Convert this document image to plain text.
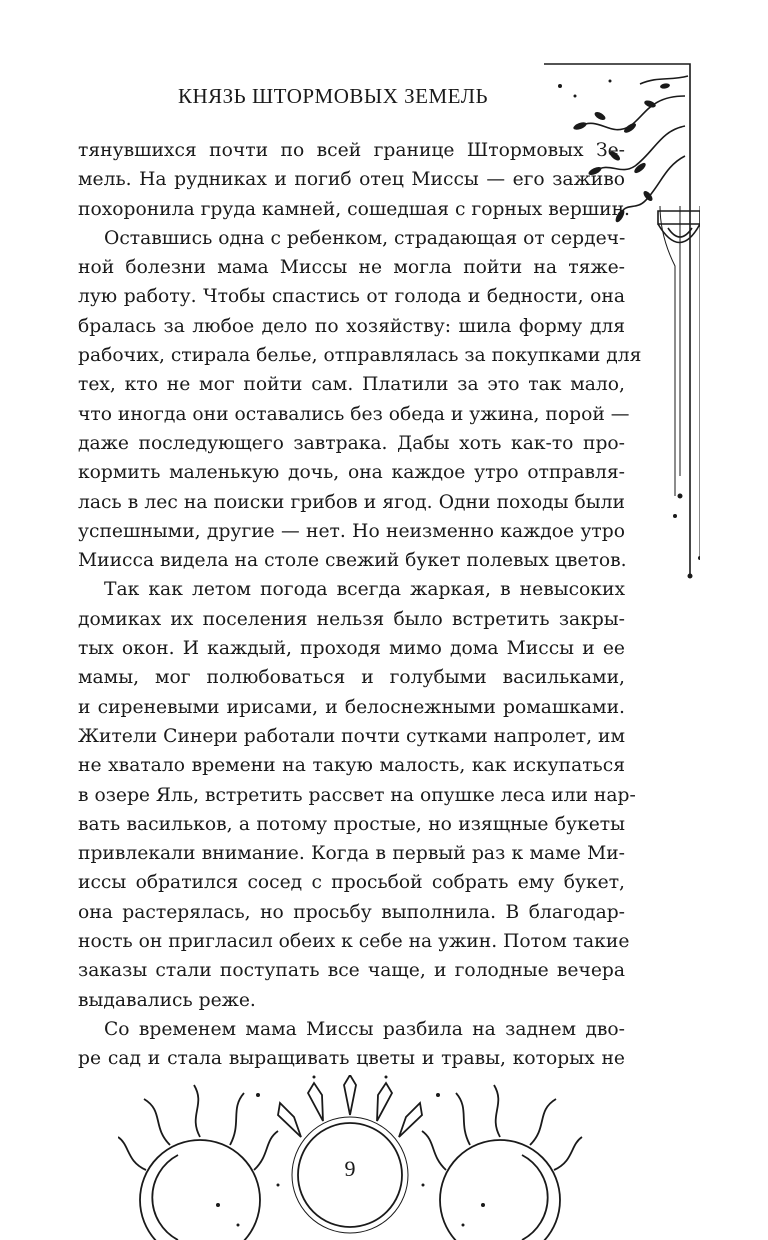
КНЯЗЬ ШТОРМОВЫХ ЗЕМЕЛЬ
тянувшихся почти по всей границе Штормовых Зе-
мель. На рудниках и погиб отец Миссы — его заживо
похоронила груда камней, сошедшая с горных вершин.
Оставшись одна с ребенком, страдающая от сердеч-
ной болезни мама Миссы не могла пойти на тяже-
лую работу. Чтобы спастись от голода и бедности, она
бралась за любое дело по хозяйству: шила форму для
рабочих, стирала белье, отправлялась за покупками для
тех, кто не мог пойти сам. Платили за это так мало,
что иногда они оставались без обеда и ужина, порой —
даже последующего завтрака. Дабы хоть как-то про-
кормить маленькую дочь, она каждое утро отправля-
лась в лес на поиски грибов и ягод. Одни походы были
успешными, другие — нет. Но неизменно каждое утро
Миисса видела на столе свежий букет полевых цветов.
Так как летом погода всегда жаркая, в невысоких
домиках их поселения нельзя было встретить закры-
тых окон. И каждый, проходя мимо дома Миссы и ее
мамы, мог полюбоваться и голубыми васильками,
и сиреневыми ирисами, и белоснежными ромашками.
Жители Синери работали почти сутками напролет, им
не хватало времени на такую малость, как искупаться
в озере Яль, встретить рассвет на опушке леса или нар-
вать васильков, а потому простые, но изящные букеты
привлекали внимание. Когда в первый раз к маме Ми-
иссы обратился сосед с просьбой собрать ему букет,
она растерялась, но просьбу выполнила. В благодар-
ность он пригласил обеих к себе на ужин. Потом такие
заказы стали поступать все чаще, и голодные вечера
выдавались реже.
Со временем мама Миссы разбила на заднем дво-
ре сад и стала выращивать цветы и травы, которых не
9
